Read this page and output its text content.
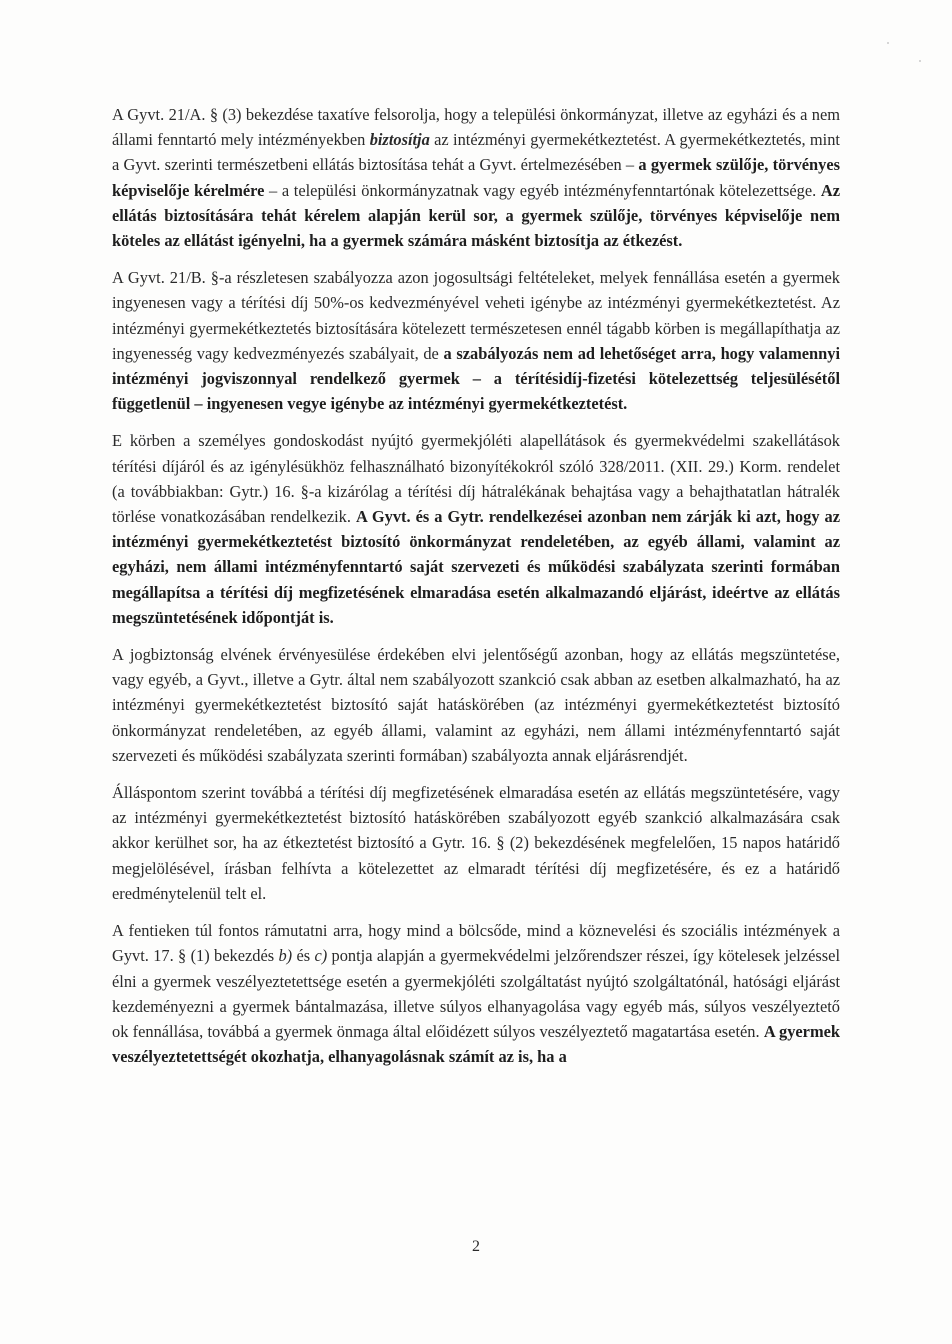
A Gyvt. 21/A. § (3) bekezdése taxatíve felsorolja, hogy a települési önkormányzat, illetve az egyházi és a nem állami fenntartó mely intézményekben biztosítja az intézményi gyermekétkeztetést. A gyermekétkeztetés, mint a Gyvt. szerinti természetbeni ellátás biztosítása tehát a Gyvt. értelmezésében – a gyermek szülője, törvényes képviselője kérelmére – a települési önkormányzatnak vagy egyéb intézményfenntartónak kötelezettsége. Az ellátás biztosítására tehát kérelem alapján kerül sor, a gyermek szülője, törvényes képviselője nem köteles az ellátást igényelni, ha a gyermek számára másként biztosítja az étkezést.

A Gyvt. 21/B. §-a részletesen szabályozza azon jogosultsági feltételeket, melyek fennállása esetén a gyermek ingyenesen vagy a térítési díj 50%-os kedvezményével veheti igénybe az intézményi gyermekétkeztetést. Az intézményi gyermekétkeztetés biztosítására kötelezett természetesen ennél tágabb körben is megállapíthatja az ingyenesség vagy kedvezményezés szabályait, de a szabályozás nem ad lehetőséget arra, hogy valamennyi intézményi jogviszonnyal rendelkező gyermek – a térítésidíj-fizetési kötelezettség teljesülésétől függetlenül – ingyenesen vegye igénybe az intézményi gyermekétkeztetést.

E körben a személyes gondoskodást nyújtó gyermekjóléti alapellátások és gyermekvédelmi szakellátások térítési díjáról és az igénylésükhöz felhasználható bizonyítékokról szóló 328/2011. (XII. 29.) Korm. rendelet (a továbbiakban: Gytr.) 16. §-a kizárólag a térítési díj hátralékának behajtása vagy a behajthatatlan hátralék törlése vonatkozásában rendelkezik. A Gyvt. és a Gytr. rendelkezései azonban nem zárják ki azt, hogy az intézményi gyermekétkeztetést biztosító önkormányzat rendeletében, az egyéb állami, valamint az egyházi, nem állami intézményfenntartó saját szervezeti és működési szabályzata szerinti formában megállapítsa a térítési díj megfizetésének elmaradása esetén alkalmazandó eljárást, ideértve az ellátás megszüntetésének időpontját is.

A jogbiztonság elvének érvényesülése érdekében elvi jelentőségű azonban, hogy az ellátás megszüntetése, vagy egyéb, a Gyvt., illetve a Gytr. által nem szabályozott szankció csak abban az esetben alkalmazható, ha az intézményi gyermekétkeztetést biztosító saját hatáskörében (az intézményi gyermekétkeztetést biztosító önkormányzat rendeletében, az egyéb állami, valamint az egyházi, nem állami intézményfenntartó saját szervezeti és működési szabályzata szerinti formában) szabályozta annak eljárásrendjét.

Álláspontom szerint továbbá a térítési díj megfizetésének elmaradása esetén az ellátás megszüntetésére, vagy az intézményi gyermekétkeztetést biztosító hatáskörében szabályozott egyéb szankció alkalmazására csak akkor kerülhet sor, ha az étkeztetést biztosító a Gytr. 16. § (2) bekezdésének megfelelően, 15 napos határidő megjelölésével, írásban felhívta a kötelezettet az elmaradt térítési díj megfizetésére, és ez a határidő eredménytelenül telt el.

A fentieken túl fontos rámutatni arra, hogy mind a bölcsőde, mind a köznevelési és szociális intézmények a Gyvt. 17. § (1) bekezdés b) és c) pontja alapján a gyermekvédelmi jelzőrendszer részei, így kötelesek jelzéssel élni a gyermek veszélyeztetettsége esetén a gyermekjóléti szolgáltatást nyújtó szolgáltatónál, hatósági eljárást kezdeményezni a gyermek bántalmazása, illetve súlyos elhanyagolása vagy egyéb más, súlyos veszélyeztető ok fennállása, továbbá a gyermek önmaga által előidézett súlyos veszélyeztető magatartása esetén. A gyermek veszélyeztetettségét okozhatja, elhanyagolásnak számít az is, ha a

2
